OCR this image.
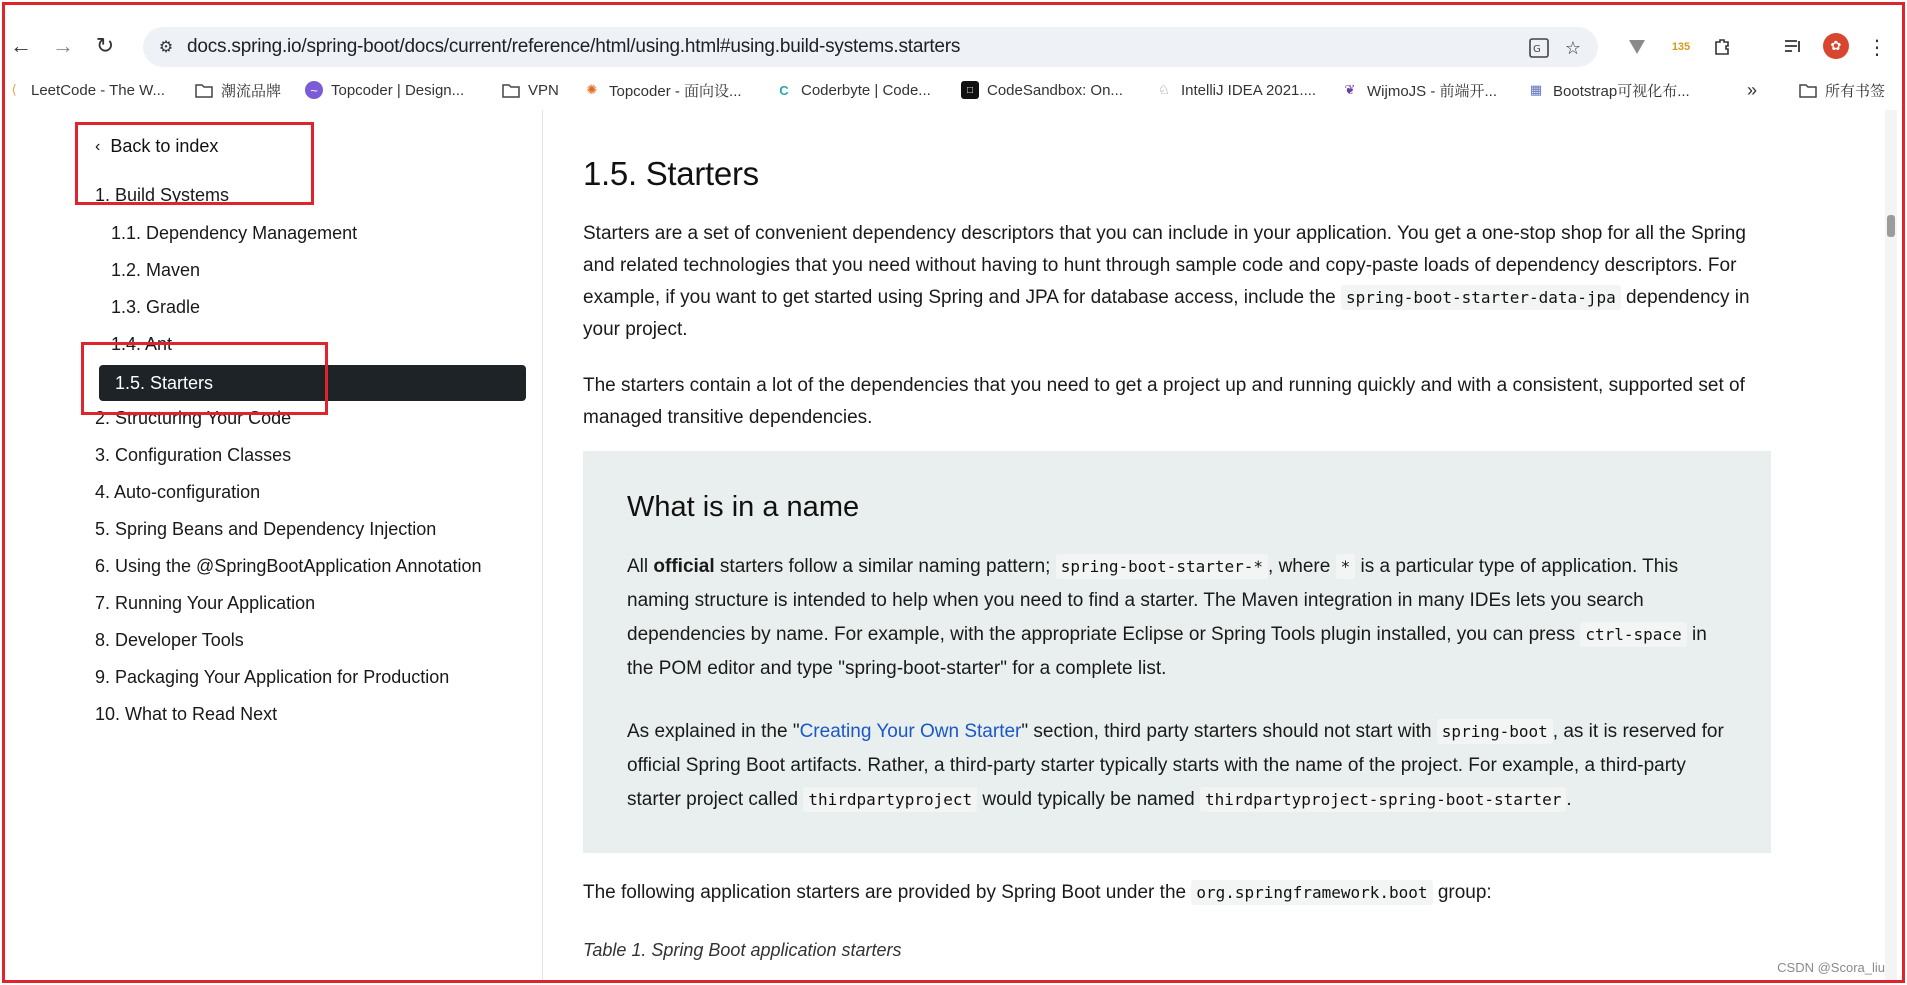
← → ↻	⚙ docs.spring.io/spring-boot/docs/current/reference/html/using.html#using.build-systems.starters	G ☆	135	✿	⋮
⟨ LeetCode - The W...	潮流品牌	~ Topcoder | Design...	VPN ✺ Topcoder - 面向设...	C Coderbyte | Code...	□ CodeSandbox: On...	♘ IntelliJ IDEA 2021.... ❦ WijmoJS - 前端开...	▦ Bootstrap可视化布...	»	所有书签
‹ Back to index
1. Build Systems
1.1. Dependency Management
1.2. Maven
1.3. Gradle
1.4. Ant
1.5. Starters
2. Structuring Your Code
3. Configuration Classes
4. Auto-configuration
5. Spring Beans and Dependency Injection
6. Using the @SpringBootApplication Annotation
7. Running Your Application
8. Developer Tools
9. Packaging Your Application for Production
10. What to Read Next
1.5. Starters

Starters are a set of convenient dependency descriptors that you can include in your application. You get a one-stop shop for all the Spring and related technologies that you need without having to hunt through sample code and copy-paste loads of dependency descriptors. For example, if you want to get started using Spring and JPA for database access, include the spring-boot-starter-data-jpa dependency in your project.

The starters contain a lot of the dependencies that you need to get a project up and running quickly and with a consistent, supported set of managed transitive dependencies.

What is in a name

All official starters follow a similar naming pattern; spring-boot-starter-* , where * is a particular type of application. This naming structure is intended to help when you need to find a starter. The Maven integration in many IDEs lets you search dependencies by name. For example, with the appropriate Eclipse or Spring Tools plugin installed, you can press ctrl-space in the POM editor and type "spring-boot-starter" for a complete list.

As explained in the "Creating Your Own Starter" section, third party starters should not start with spring-boot , as it is reserved for official Spring Boot artifacts. Rather, a third-party starter typically starts with the name of the project. For example, a third-party starter project called thirdpartyproject would typically be named thirdpartyproject-spring-boot-starter .

The following application starters are provided by Spring Boot under the org.springframework.boot group:

Table 1. Spring Boot application starters
CSDN @Scora_liu
